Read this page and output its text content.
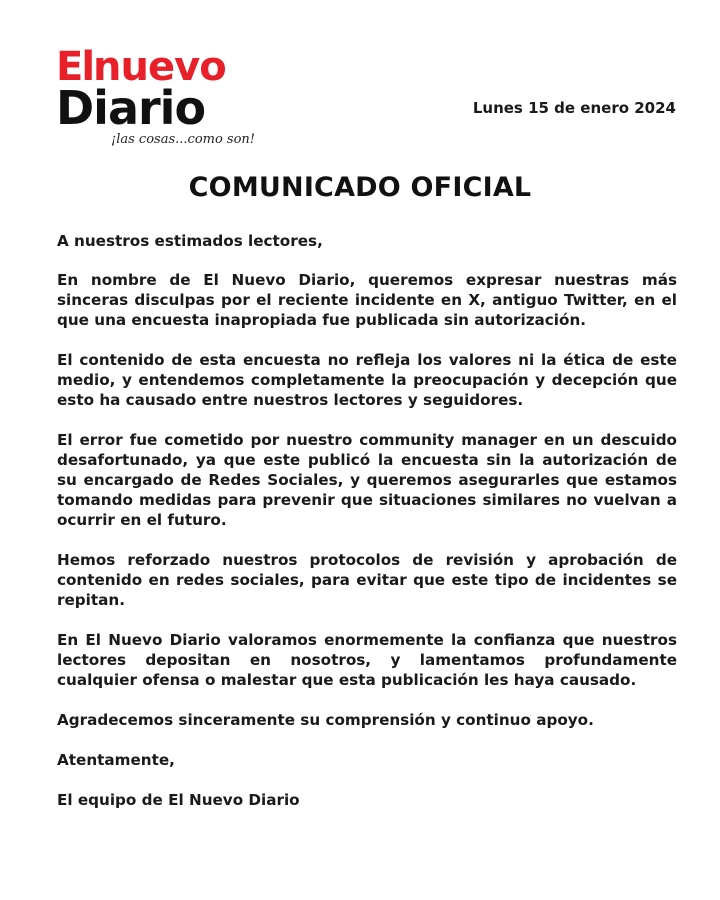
Elnuevo
Diario
¡las cosas...como son!
Lunes 15 de enero 2024
COMUNICADO OFICIAL

A nuestros estimados lectores,

En nombre de El Nuevo Diario, queremos expresar nuestras más sinceras disculpas por el reciente incidente en X, antiguo Twitter, en el que una encuesta inapropiada fue publicada sin autorización.

El contenido de esta encuesta no refleja los valores ni la ética de este medio, y entendemos completamente la preocupación y decepción que esto ha causado entre nuestros lectores y seguidores.

El error fue cometido por nuestro community manager en un descuido desafortunado, ya que este publicó la encuesta sin la autorización de su encargado de Redes Sociales, y queremos asegurarles que estamos tomando medidas para prevenir que situaciones similares no vuelvan a ocurrir en el futuro.

Hemos reforzado nuestros protocolos de revisión y aprobación de contenido en redes sociales, para evitar que este tipo de incidentes se repitan.

En El Nuevo Diario valoramos enormemente la confianza que nuestros lectores depositan en nosotros, y lamentamos profundamente cualquier ofensa o malestar que esta publicación les haya causado.

Agradecemos sinceramente su comprensión y continuo apoyo.

Atentamente,

El equipo de El Nuevo Diario
